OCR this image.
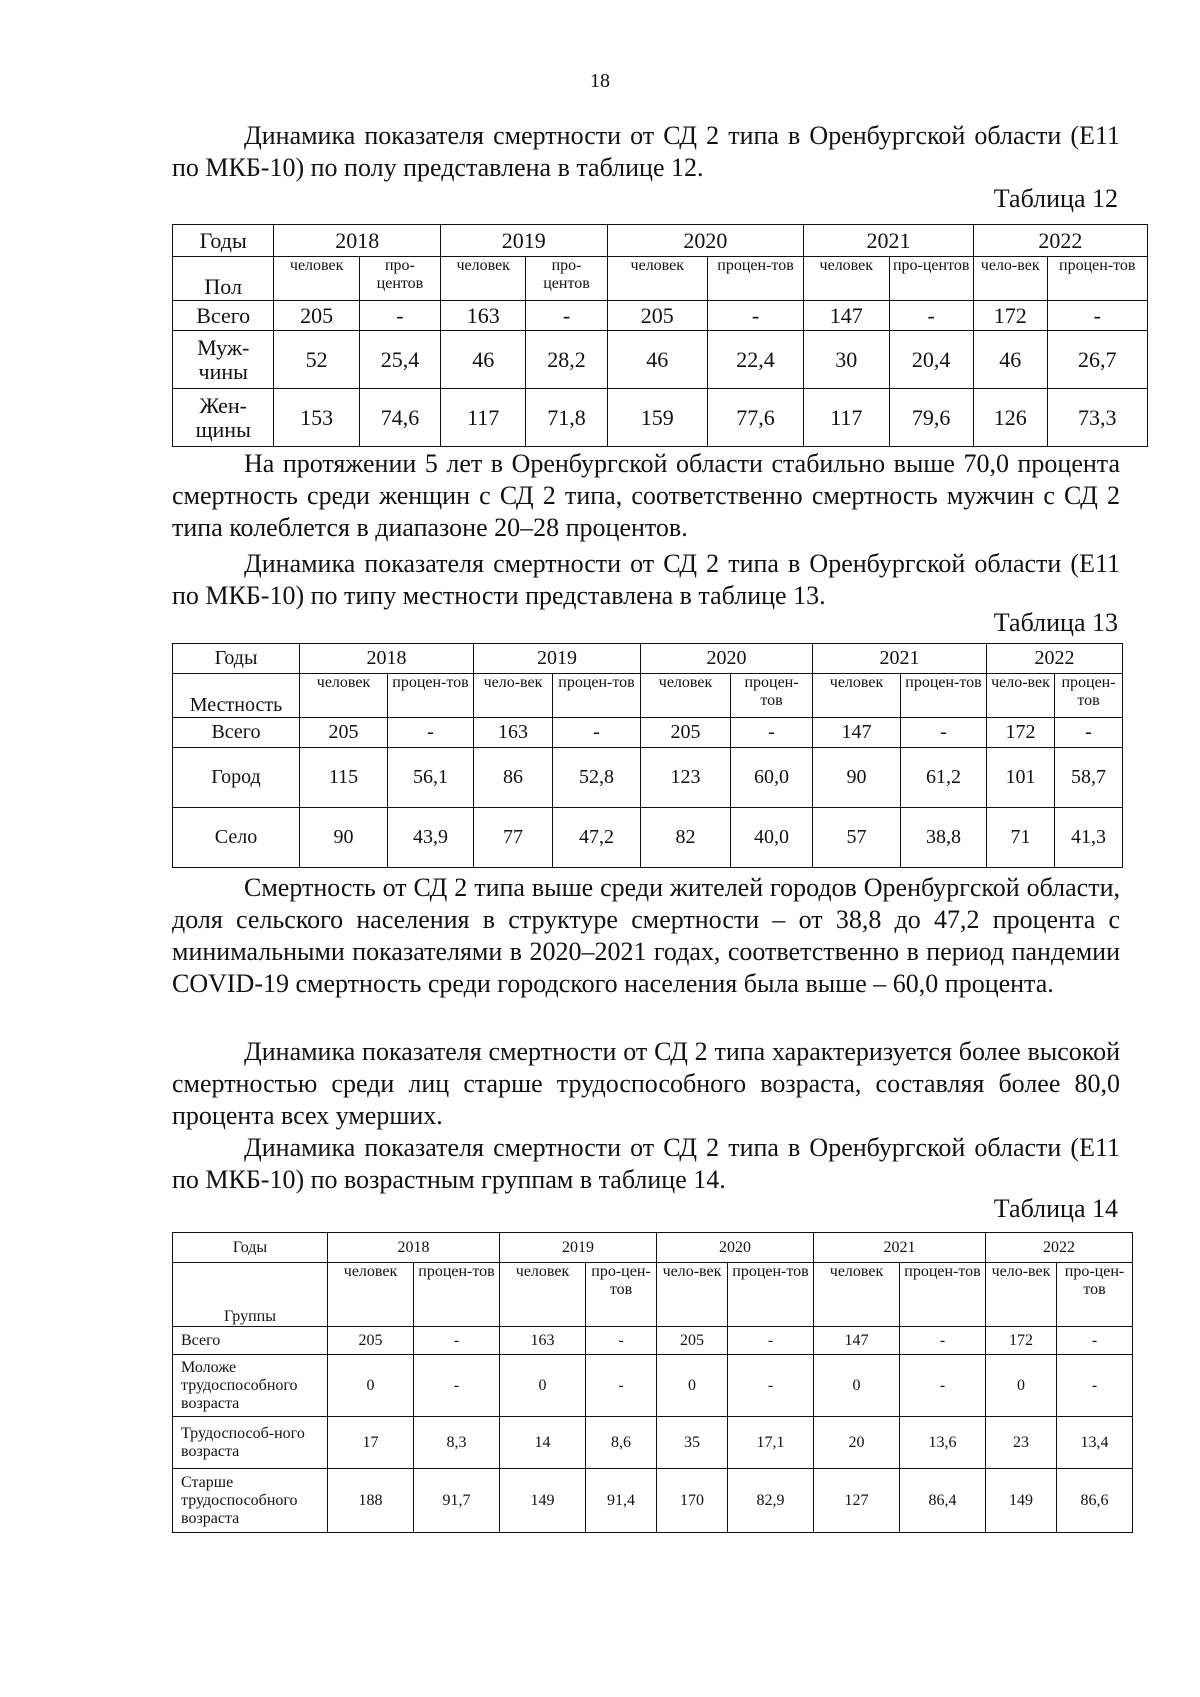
18

Динамика показателя смертности от СД 2 типа в Оренбургской области (Е11 по МКБ-10) по полу представлена в таблице 12.

Таблица 12
Годы	2018		2019		2020		2021		2022	
Пол	человек	про-центов	человек	про-центов	человек	процен-тов	человек	про-центов	чело-век	процен-тов
Всего	205	-	163	-	205	-	147	-	172	-
Муж-чины	52	25,4	46	28,2	46	22,4	30	20,4	46	26,7
Жен-щины	153	74,6	117	71,8	159	77,6	117	79,6	126	73,3

На протяжении 5 лет в Оренбургской области стабильно выше 70,0 процента смертность среди женщин с СД 2 типа, соответственно смертность мужчин с СД 2 типа колеблется в диапазоне 20–28 процентов.

Динамика показателя смертности от СД 2 типа в Оренбургской области (Е11 по МКБ-10) по типу местности представлена в таблице 13.

Таблица 13
Годы	2018		2019		2020		2021		2022	
Местность	человек	процен-тов	чело-век	процен-тов	человек	процен-тов	человек	процен-тов	чело-век	процен-тов
Всего	205	-	163	-	205	-	147	-	172	-
Город	115	56,1	86	52,8	123	60,0	90	61,2	101	58,7
Село	90	43,9	77	47,2	82	40,0	57	38,8	71	41,3

Смертность от СД 2 типа выше среди жителей городов Оренбургской области, доля сельского населения в структуре смертности – от 38,8 до 47,2 процента с минимальными показателями в 2020–2021 годах, соответственно в период пандемии COVID-19 смертность среди городского населения была выше – 60,0 процента.

Динамика показателя смертности от СД 2 типа характеризуется более высокой смертностью среди лиц старше трудоспособного возраста, составляя более 80,0 процента всех умерших.

Динамика показателя смертности от СД 2 типа в Оренбургской области (Е11 по МКБ-10) по возрастным группам в таблице 14.

Таблица 14
Годы	2018		2019		2020		2021		2022	
Группы	человек	процен-тов	человек	про-цен-тов	чело-век	процен-тов	человек	процен-тов	чело-век	про-цен-тов
Всего	205	-	163	-	205	-	147	-	172	-
Моложе трудоспособного возраста	0	-	0	-	0	-	0	-	0	-
Трудоспособ-ного возраста	17	8,3	14	8,6	35	17,1	20	13,6	23	13,4
Старше трудоспособного возраста	188	91,7	149	91,4	170	82,9	127	86,4	149	86,6
